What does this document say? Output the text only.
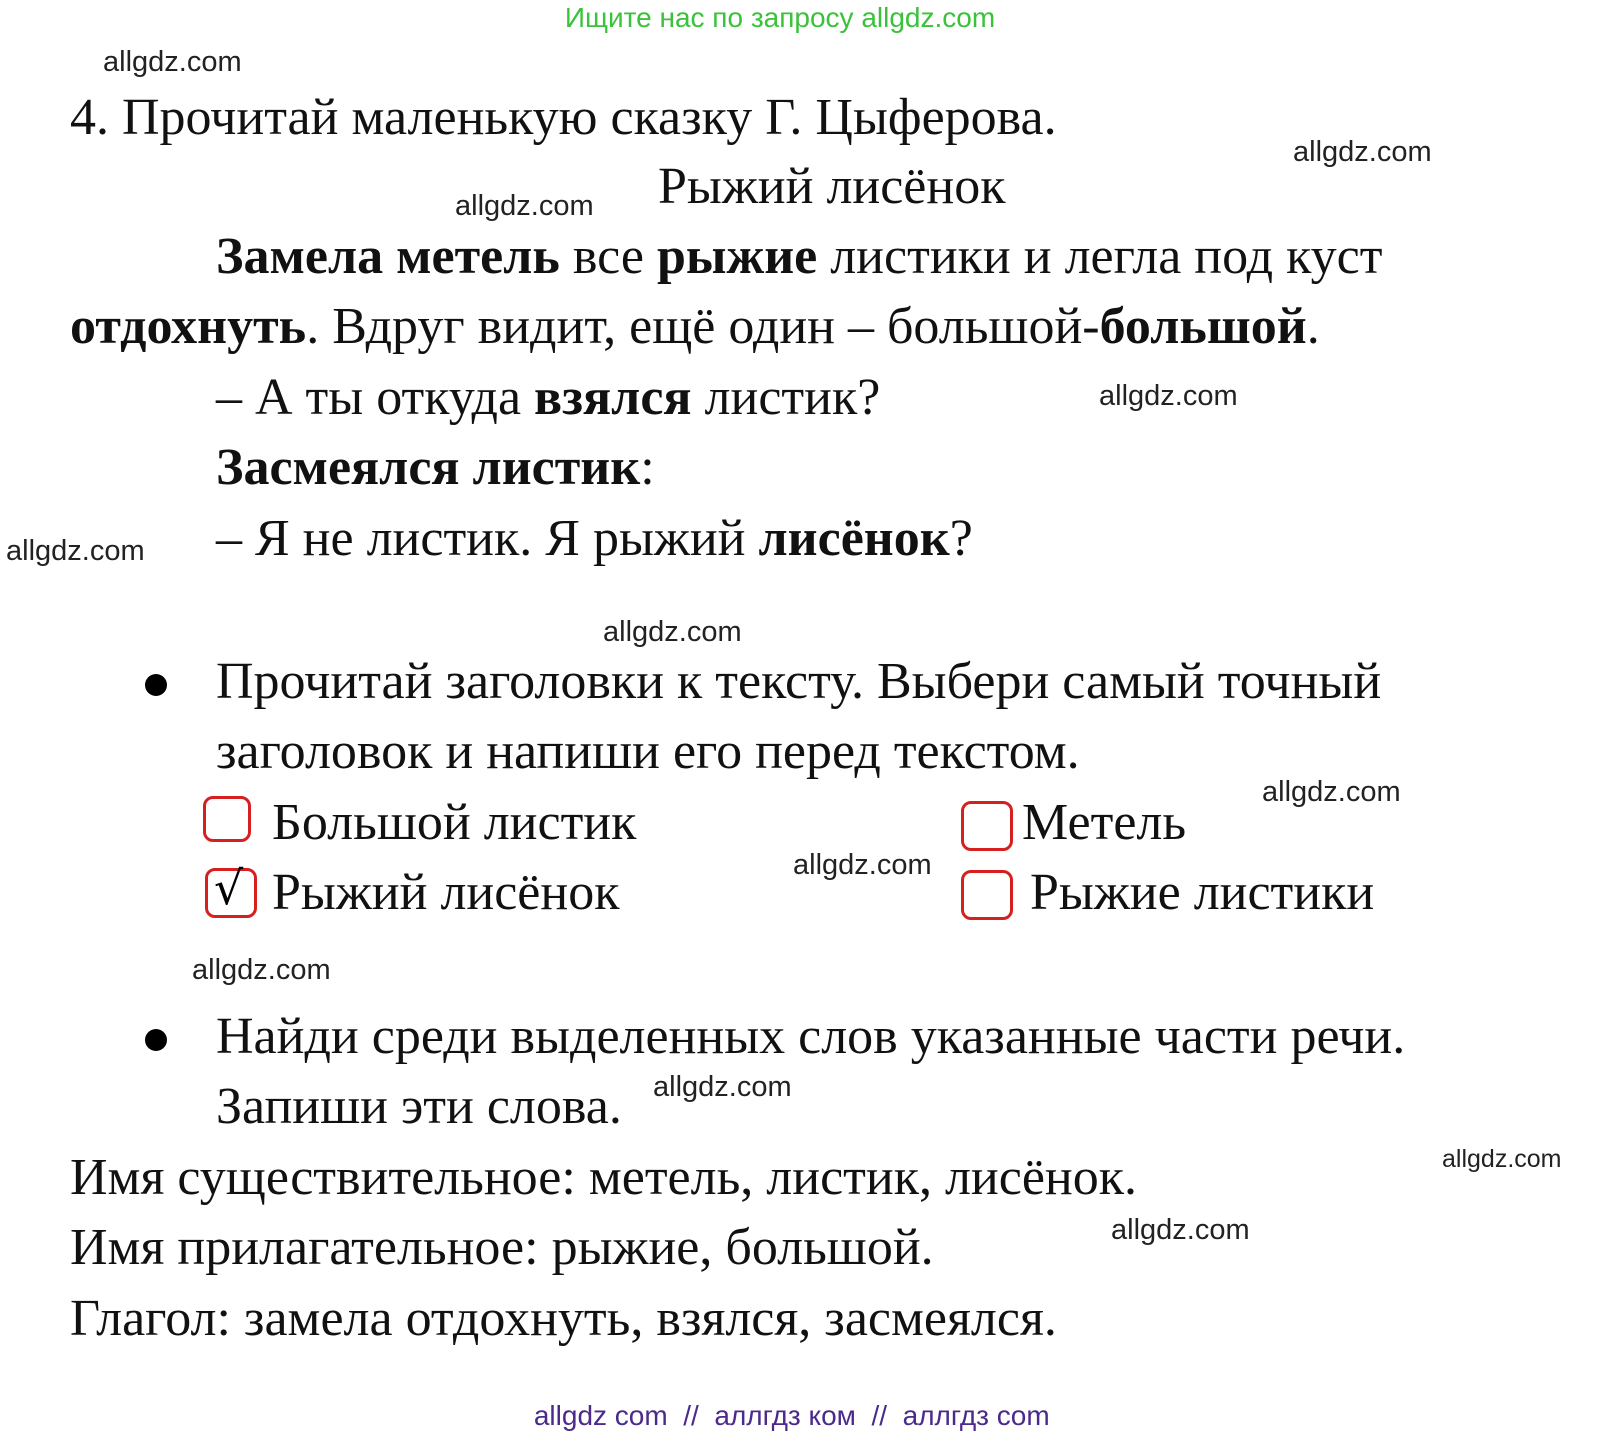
Ищите нас по запросу allgdz.com
allgdz.com
allgdz.com
allgdz.com
allgdz.com
allgdz.com
allgdz.com
allgdz.com
allgdz.com
allgdz.com
allgdz.com
allgdz.com
allgdz.com
4. Прочитай маленькую сказку Г. Цыферова.
Рыжий лисёнок
Замела метель все рыжие листики и легла под куст
отдохнуть. Вдруг видит, ещё один – большой-большой.
– А ты откуда взялся листик?
Засмеялся листик:
– Я не листик. Я рыжий лисёнок?
Прочитай заголовки к тексту. Выбери самый точный
заголовок и напиши его перед текстом.
Большой листик	Метель
√ Рыжий лисёнок	Рыжие листики
Найди среди выделенных слов указанные части речи.
Запиши эти слова.
Имя существительное: метель, листик, лисёнок.
Имя прилагательное: рыжие, большой.
Глагол: замела отдохнуть, взялся, засмеялся.

allgdz com  //  аллгдз ком  //  аллгдз com
